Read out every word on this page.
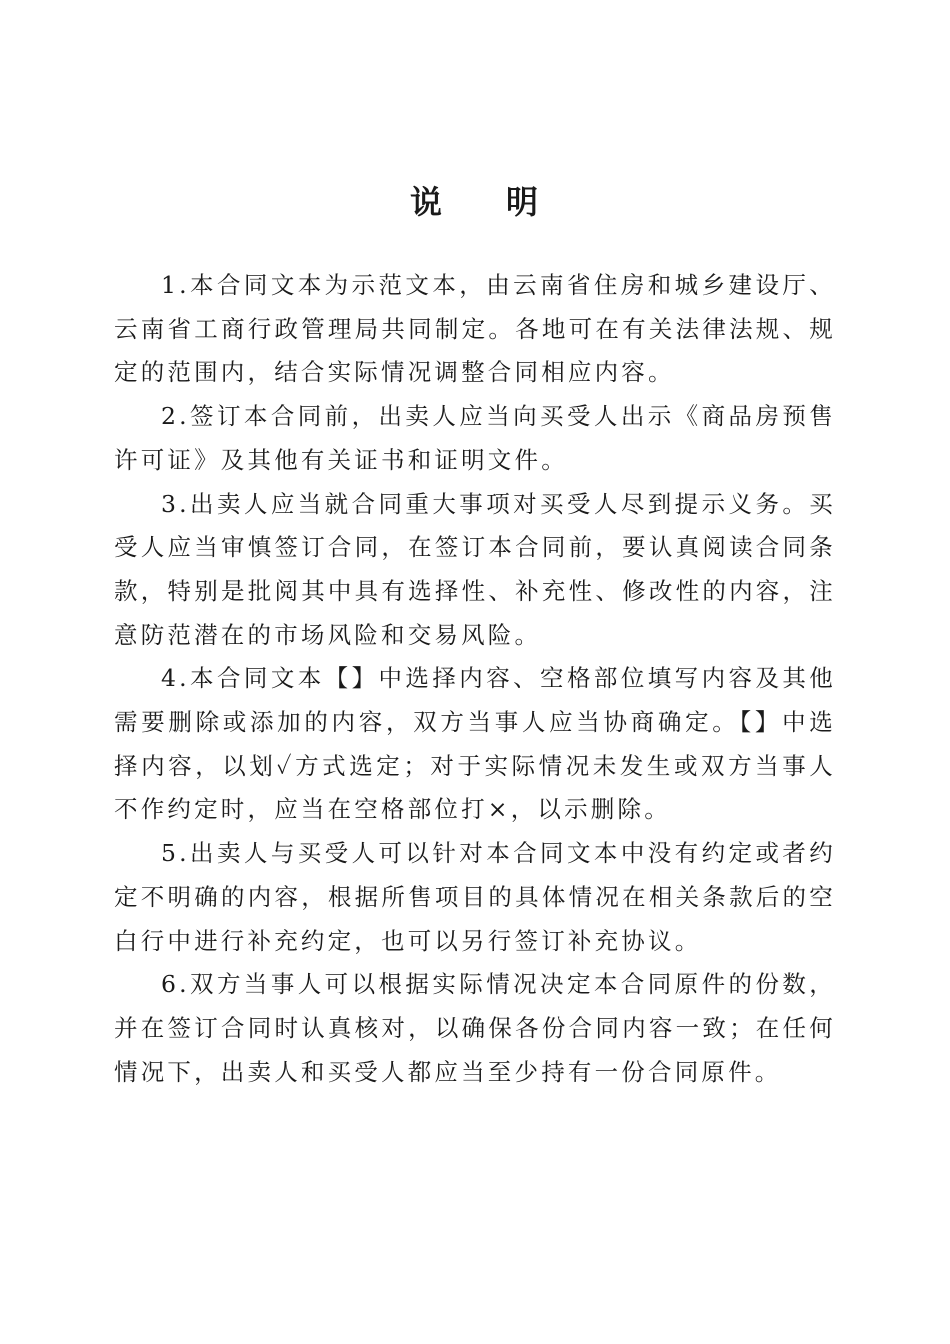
说 明

1.本合同文本为示范文本，由云南省住房和城乡建设厅、云南省工商行政管理局共同制定。各地可在有关法律法规、规定的范围内，结合实际情况调整合同相应内容。

2.签订本合同前，出卖人应当向买受人出示《商品房预售许可证》及其他有关证书和证明文件。

3.出卖人应当就合同重大事项对买受人尽到提示义务。买受人应当审慎签订合同，在签订本合同前，要认真阅读合同条款，特别是批阅其中具有选择性、补充性、修改性的内容，注意防范潜在的市场风险和交易风险。

4.本合同文本【】中选择内容、空格部位填写内容及其他需要删除或添加的内容，双方当事人应当协商确定。【】中选择内容，以划✓方式选定；对于实际情况未发生或双方当事人不作约定时，应当在空格部位打×，以示删除。

5.出卖人与买受人可以针对本合同文本中没有约定或者约定不明确的内容，根据所售项目的具体情况在相关条款后的空白行中进行补充约定，也可以另行签订补充协议。

6.双方当事人可以根据实际情况决定本合同原件的份数，并在签订合同时认真核对，以确保各份合同内容一致；在任何情况下，出卖人和买受人都应当至少持有一份合同原件。
